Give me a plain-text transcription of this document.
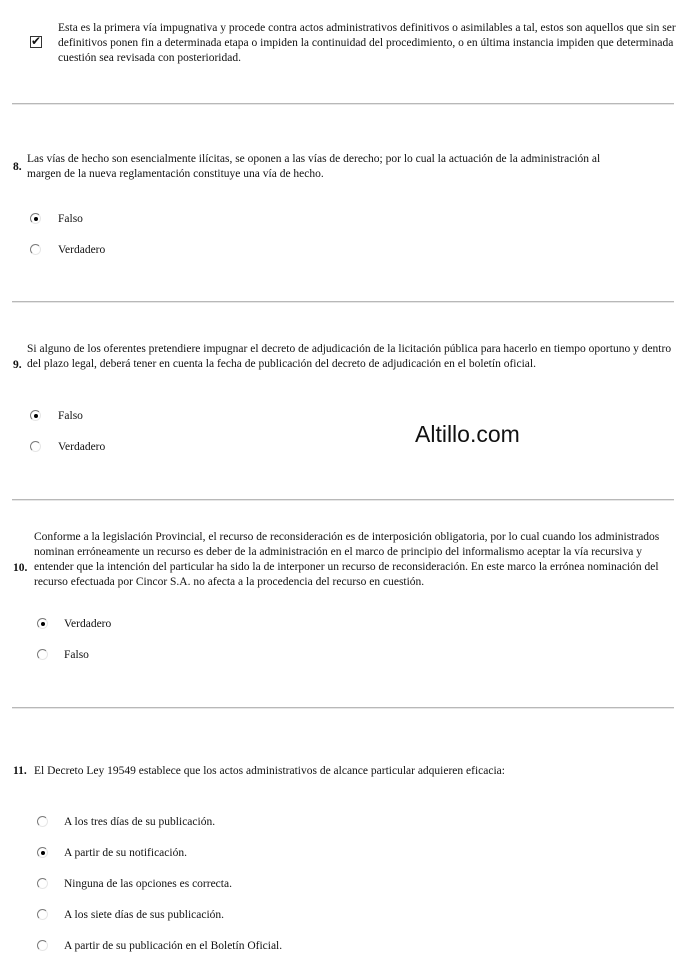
✔
Esta es la primera vía impugnativa y procede contra actos administrativos definitivos o asimilables a tal, estos son aquellos que sin ser definitivos ponen fin a determinada etapa o impiden la continuidad del procedimiento, o en última instancia impiden que determinada cuestión sea revisada con posterioridad.
8.
Las vías de hecho son esencialmente ilícitas, se oponen a las vías de derecho; por lo cual la actuación de la administración al margen de la nueva reglamentación constituye una vía de hecho.
Falso
Verdadero
9.
Si alguno de los oferentes pretendiere impugnar el decreto de adjudicación de la licitación pública para hacerlo en tiempo oportuno y dentro del plazo legal, deberá tener en cuenta la fecha de publicación del decreto de adjudicación en el boletín oficial.
Falso
Verdadero	Altillo.com
10.
Conforme a la legislación Provincial, el recurso de reconsideración es de interposición obligatoria, por lo cual cuando los administrados nominan erróneamente un recurso es deber de la administración en el marco de principio del informalismo aceptar la vía recursiva y entender que la intención del particular ha sido la de interponer un recurso de reconsideración. En este marco la errónea nominación del recurso efectuada por Cincor S.A. no afecta a la procedencia del recurso en cuestión.
Verdadero
Falso
11. El Decreto Ley 19549 establece que los actos administrativos de alcance particular adquieren eficacia:
A los tres días de su publicación.
A partir de su notificación.
Ninguna de las opciones es correcta.
A los siete días de sus publicación.
A partir de su publicación en el Boletín Oficial.
